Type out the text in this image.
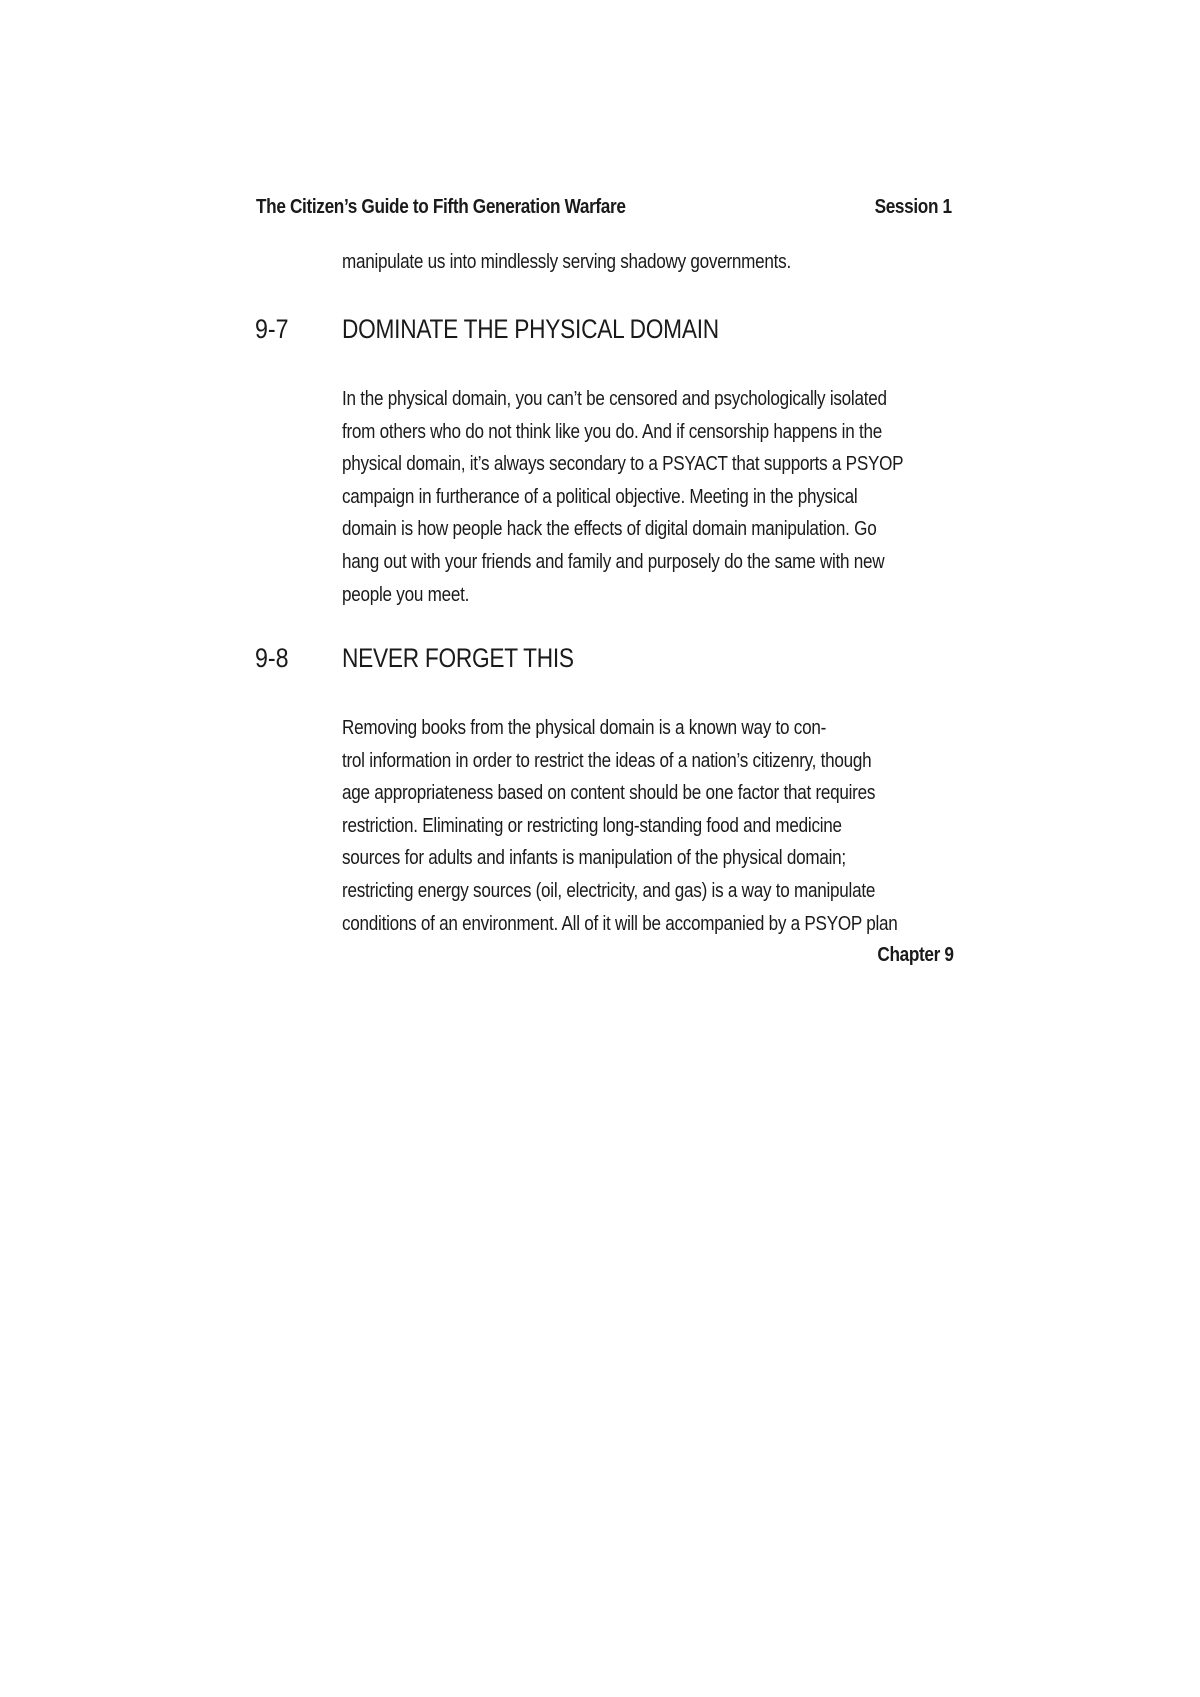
The Citizen’s Guide to Fifth Generation Warfare	Session 1

manipulate us into mindlessly serving shadowy governments.

9-7 DOMINATE THE PHYSICAL DOMAIN

In the physical domain, you can’t be censored and psychologically isolated
from others who do not think like you do. And if censorship happens in the
physical domain, it’s always secondary to a PSYACT that supports a PSYOP
campaign in furtherance of a political objective. Meeting in the physical
domain is how people hack the effects of digital domain manipulation. Go
hang out with your friends and family and purposely do the same with new
people you meet.

9-8 NEVER FORGET THIS

Removing books from the physical domain is a known way to con-
trol information in order to restrict the ideas of a nation’s citizenry, though
age appropriateness based on content should be one factor that requires
restriction. Eliminating or restricting long-standing food and medicine
sources for adults and infants is manipulation of the physical domain;
restricting energy sources (oil, electricity, and gas) is a way to manipulate
conditions of an environment. All of it will be accompanied by a PSYOP plan

Chapter 9
